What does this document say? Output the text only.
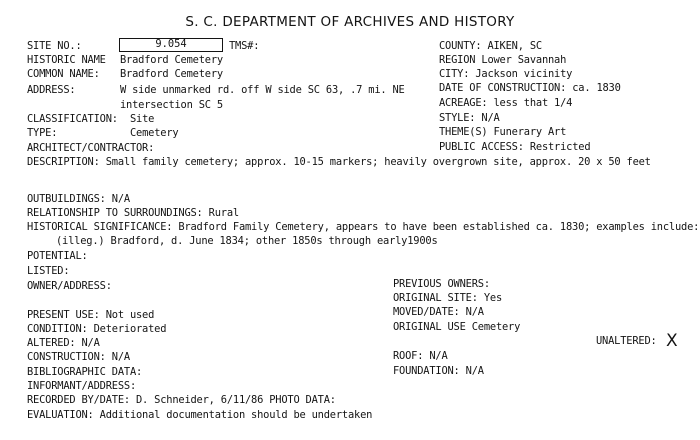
S. C. DEPARTMENT OF ARCHIVES AND HISTORY
SITE NO.:	9.054	TMS#:
HISTORIC NAME Bradford Cemetery
COMMON NAME: Bradford Cemetery
ADDRESS:	W side unmarked rd. off W side SC 63, .7 mi. NE
intersection SC 5
CLASSIFICATION: Site
TYPE:	Cemetery
ARCHITECT/CONTRACTOR:
COUNTY: AIKEN, SC
REGION Lower Savannah
CITY: Jackson vicinity
DATE OF CONSTRUCTION: ca. 1830
ACREAGE: less that 1/4
STYLE: N/A
THEME(S) Funerary Art
PUBLIC ACCESS: Restricted
DESCRIPTION: Small family cemetery; approx. 10-15 markers; heavily overgrown site, approx. 20 x 50 feet
OUTBUILDINGS: N/A
RELATIONSHIP TO SURROUNDINGS: Rural
HISTORICAL SIGNIFICANCE: Bradford Family Cemetery, appears to have been established ca. 1830; examples include:
(illeg.) Bradford, d. June 1834; other 1850s through early1900s
POTENTIAL:
LISTED:
OWNER/ADDRESS:	PREVIOUS OWNERS:
ORIGINAL SITE: Yes
MOVED/DATE: N/A
ORIGINAL USE Cemetery
UNALTERED: X
ROOF: N/A
FOUNDATION: N/A
PRESENT USE: Not used
CONDITION: Deteriorated
ALTERED: N/A
CONSTRUCTION: N/A
BIBLIOGRAPHIC DATA:
INFORMANT/ADDRESS:
RECORDED BY/DATE: D. Schneider, 6/11/86 PHOTO DATA:
EVALUATION: Additional documentation should be undertaken
